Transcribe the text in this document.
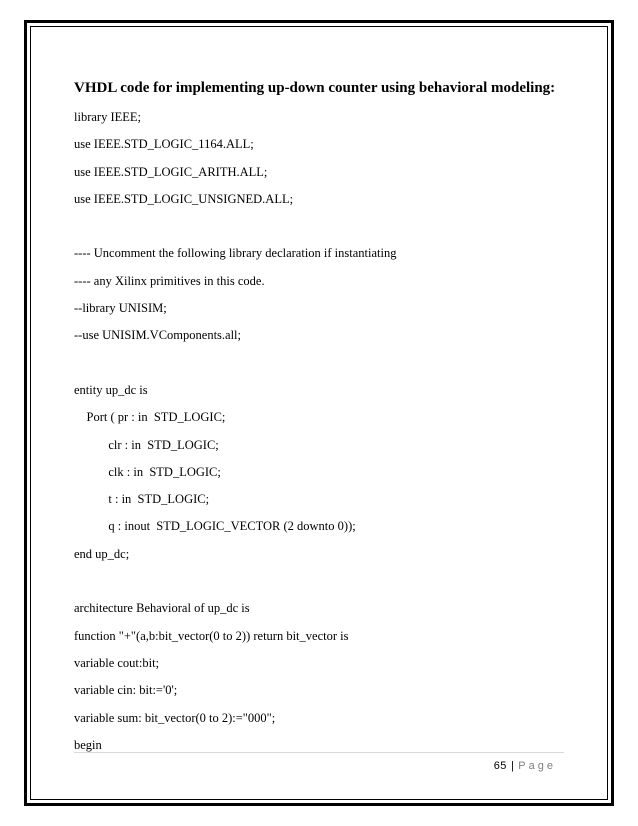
VHDL code for implementing up-down counter using behavioral modeling:
library IEEE;
use IEEE.STD_LOGIC_1164.ALL;
use IEEE.STD_LOGIC_ARITH.ALL;
use IEEE.STD_LOGIC_UNSIGNED.ALL;
---- Uncomment the following library declaration if instantiating
---- any Xilinx primitives in this code.
--library UNISIM;
--use UNISIM.VComponents.all;
entity up_dc is
Port ( pr : in  STD_LOGIC;
clr : in  STD_LOGIC;
clk : in  STD_LOGIC;
t : in  STD_LOGIC;
q : inout  STD_LOGIC_VECTOR (2 downto 0));
end up_dc;
architecture Behavioral of up_dc is
function "+"(a,b:bit_vector(0 to 2)) return bit_vector is
variable cout:bit;
variable cin: bit:='0';
variable sum: bit_vector(0 to 2):="000";
begin
65 | Page
